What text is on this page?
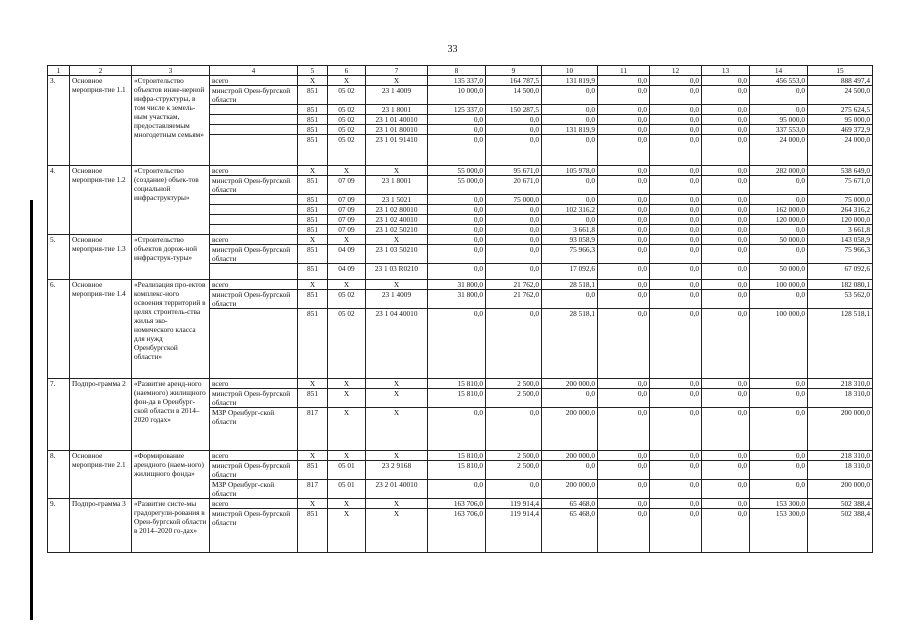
33
1	2	3	4	5	6	7	8	9	10	11	12	13	14	15
3.	Основное мероприя-тие 1.1	«Строительство объектов инже-нерной инфра-структуры, в том числе к земель-ным участкам, предоставляемым многодетным семьям»	всего	X	X	X	135 337,0	164 787,5	131 819,9	0,0	0,0	0,0	456 553,0	888 497,4
			минстрой Орен-бургской области	851	05 02	23 1 4009	10 000,0	14 500,0	0,0	0,0	0,0	0,0	0,0	24 500,0
				851	05 02	23 1 8001	125 337,0	150 287,5	0,0	0,0	0,0	0,0	0,0	275 624,5
				851	05 02	23 1 01 40010	0,0	0,0	0,0	0,0	0,0	0,0	95 000,0	95 000,0
				851	05 02	23 1 01 80010	0,0	0,0	131 819,9	0,0	0,0	0,0	337 553,0	469 372,9
				851	05 02	23 1 01 91410	0,0	0,0	0,0	0,0	0,0	0,0	24 000,0	24 000,0
4.	Основное мероприя-тие 1.2	«Строительство (создание) объек-тов социальной инфраструктуры»	всего	X	X	X	55 000,0	95 671,0	105 978,0	0,0	0,0	0,0	282 000,0	538 649,0
			минстрой Орен-бургской области	851	07 09	23 1 8001	55 000,0	20 671,0	0,0	0,0	0,0	0,0	0,0	75 671,0
				851	07 09	23 1 5021	0,0	75 000,0	0,0	0,0	0,0	0,0	0,0	75 000,0
				851	07 09	23 1 02 80010	0,0	0,0	102 316,2	0,0	0,0	0,0	162 000,0	264 316,2
				851	07 09	23 1 02 40010	0,0	0,0	0,0	0,0	0,0	0,0	120 000,0	120 000,0
				851	07 09	23 1 02 50210	0,0	0,0	3 661,8	0,0	0,0	0,0	0,0	3 661,8
5.	Основное мероприя-тие 1.3	«Строительство объектов дорож-ной инфраструк-туры»	всего	X	X	X	0,0	0,0	93 058,9	0,0	0,0	0,0	50 000,0	143 058,9
			минстрой Орен-бургской области	851	04 09	23 1 03 50210	0,0	0,0	75 966,3	0,0	0,0	0,0	0,0	75 966,3
				851	04 09	23 1 03 R0210	0,0	0,0	17 092,6	0,0	0,0	0,0	50 000,0	67 092,6
6.	Основное мероприя-тие 1.4	«Реализация про-ектов комплекс-ного освоения территорий в целях строитель-ства жилья эко-номического класса для нужд Оренбургской области»	всего	X	X	X	31 800,0	21 762,0	28 518,1	0,0	0,0	0,0	100 000,0	182 080,1
			минстрой Орен-бургской области	851	05 02	23 1 4009	31 800,0	21 762,0	0,0	0,0	0,0	0,0	0,0	53 562,0
				851	05 02	23 1 04 40010	0,0	0,0	28 518,1	0,0	0,0	0,0	100 000,0	128 518,1
7.	Подпро-грамма 2	«Развитие аренд-ного (наемного) жилищного фон-да в Оренбург-ской области в 2014–2020 годах»	всего	X	X	X	15 810,0	2 500,0	200 000,0	0,0	0,0	0,0	0,0	218 310,0
			минстрой Орен-бургской области	851	X	X	15 810,0	2 500,0	0,0	0,0	0,0	0,0	0,0	18 310,0
			МЗР Оренбург-ской области	817	X	X	0,0	0,0	200 000,0	0,0	0,0	0,0	0,0	200 000,0
8.	Основное мероприя-тие 2.1	«Формирование арендного (наем-ного) жилищного фонда»	всего	X	X	X	15 810,0	2 500,0	200 000,0	0,0	0,0	0,0	0,0	218 310,0
			минстрой Орен-бургской области	851	05 01	23 2 9168	15 810,0	2 500,0	0,0	0,0	0,0	0,0	0,0	18 310,0
			МЗР Оренбург-ской области	817	05 01	23 2 01 40010	0,0	0,0	200 000,0	0,0	0,0	0,0	0,0	200 000,0
9.	Подпро-грамма 3	«Развитие систе-мы градорегули-рования в Орен-бургской области в 2014–2020 го-дах»	всего	X	X	X	163 706,0	119 914,4	65 468,0	0,0	0,0	0,0	153 300,0	502 388,4
			минстрой Орен-бургской области	851	X	X	163 706,0	119 914,4	65 468,0	0,0	0,0	0,0	153 300,0	502 388,4
